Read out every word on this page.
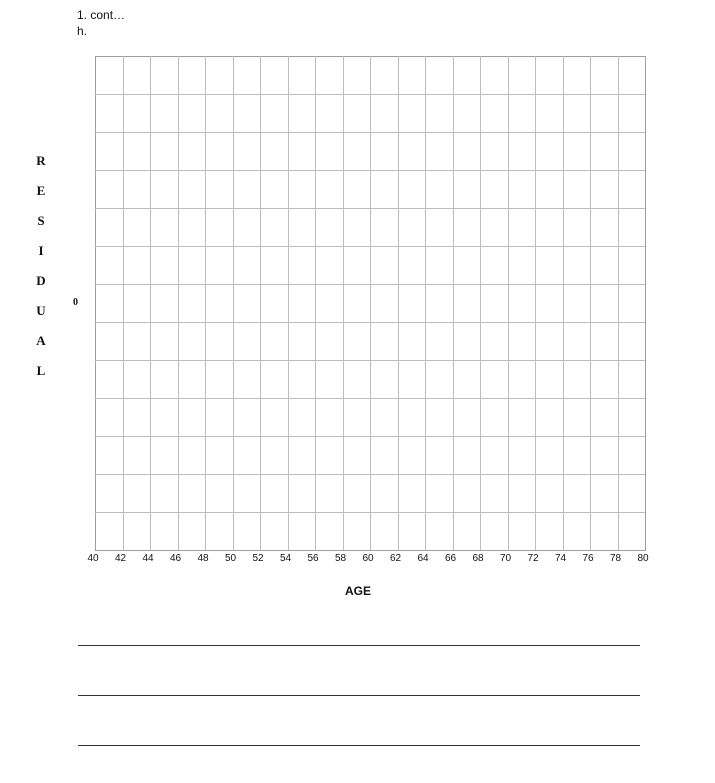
1. cont…
h.
R
E
S
I
D
U
A
L
0
40	42	44	46	48	50	52	54	56	58	60	62	64	66	68	70	72	74	76	78	80
AGE
